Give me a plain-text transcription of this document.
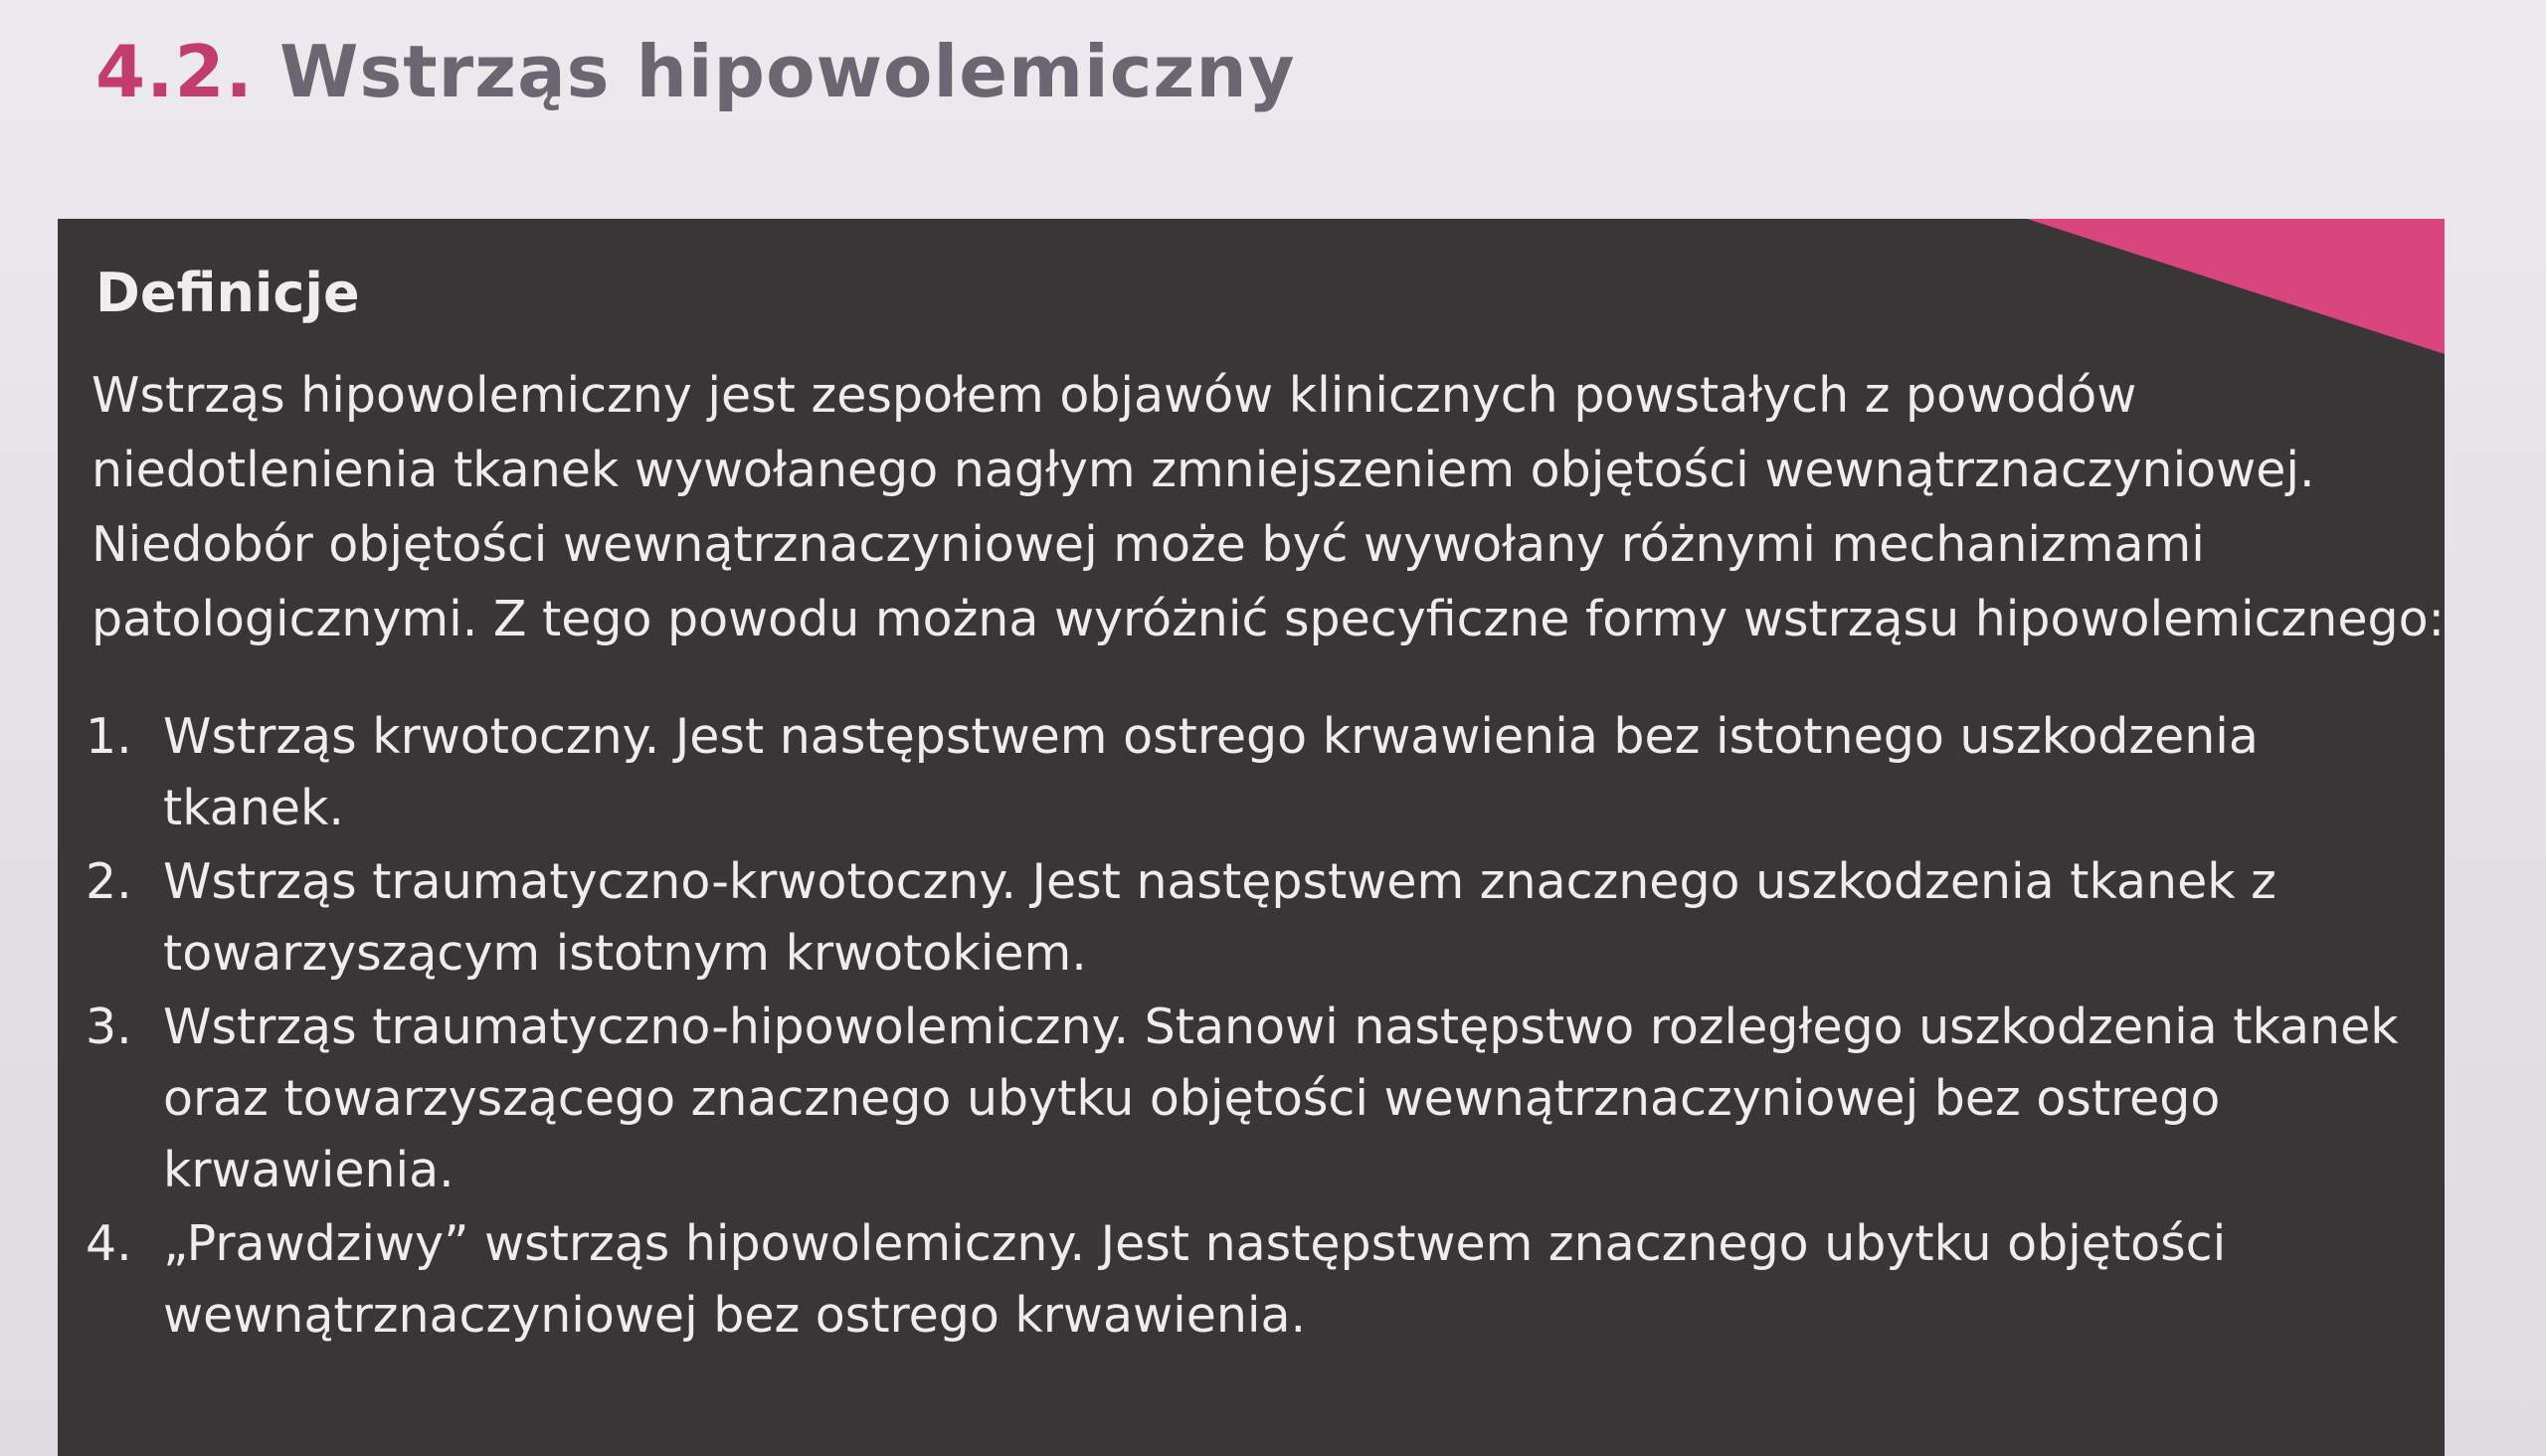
4.2. Wstrząs hipowolemiczny
Definicje

Wstrząs hipowolemiczny jest zespołem objawów klinicznych powstałych z powodów niedotlenienia tkanek wywołanego nagłym zmniejszeniem objętości wewnątrznaczyniowej. Niedobór objętości wewnątrznaczyniowej może być wywołany różnymi mechanizmami patologicznymi. Z tego powodu można wyróżnić specyficzne formy wstrząsu hipowolemicznego:

1. Wstrząs krwotoczny. Jest następstwem ostrego krwawienia bez istotnego uszkodzenia tkanek.
2. Wstrząs traumatyczno-krwotoczny. Jest następstwem znacznego uszkodzenia tkanek z towarzyszącym istotnym krwotokiem.
3. Wstrząs traumatyczno-hipowolemiczny. Stanowi następstwo rozległego uszkodzenia tkanek oraz towarzyszącego znacznego ubytku objętości wewnątrznaczyniowej bez ostrego krwawienia.
4. „Prawdziwy” wstrząs hipowolemiczny. Jest następstwem znacznego ubytku objętości wewnątrznaczyniowej bez ostrego krwawienia.
